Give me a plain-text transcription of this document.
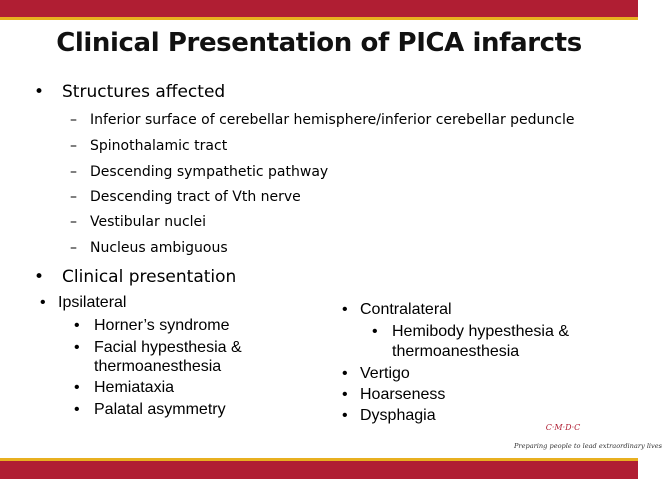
Clinical Presentation of PICA infarcts
• Structures affected
– Inferior surface of cerebellar hemisphere/inferior cerebellar peduncle
– Spinothalamic tract
– Descending sympathetic pathway
– Descending tract of Vth nerve
– Vestibular nuclei
– Nucleus ambiguous
• Clinical presentation
• Ipsilateral
• Horner’s syndrome
• Facial hypesthesia &
thermoanesthesia
• Hemiataxia
• Palatal asymmetry
• Contralateral
• Hemibody hypesthesia &
thermoanesthesia
• Vertigo
• Hoarseness
• Dysphagia
C·M·D·C
Preparing people to lead extraordinary lives
